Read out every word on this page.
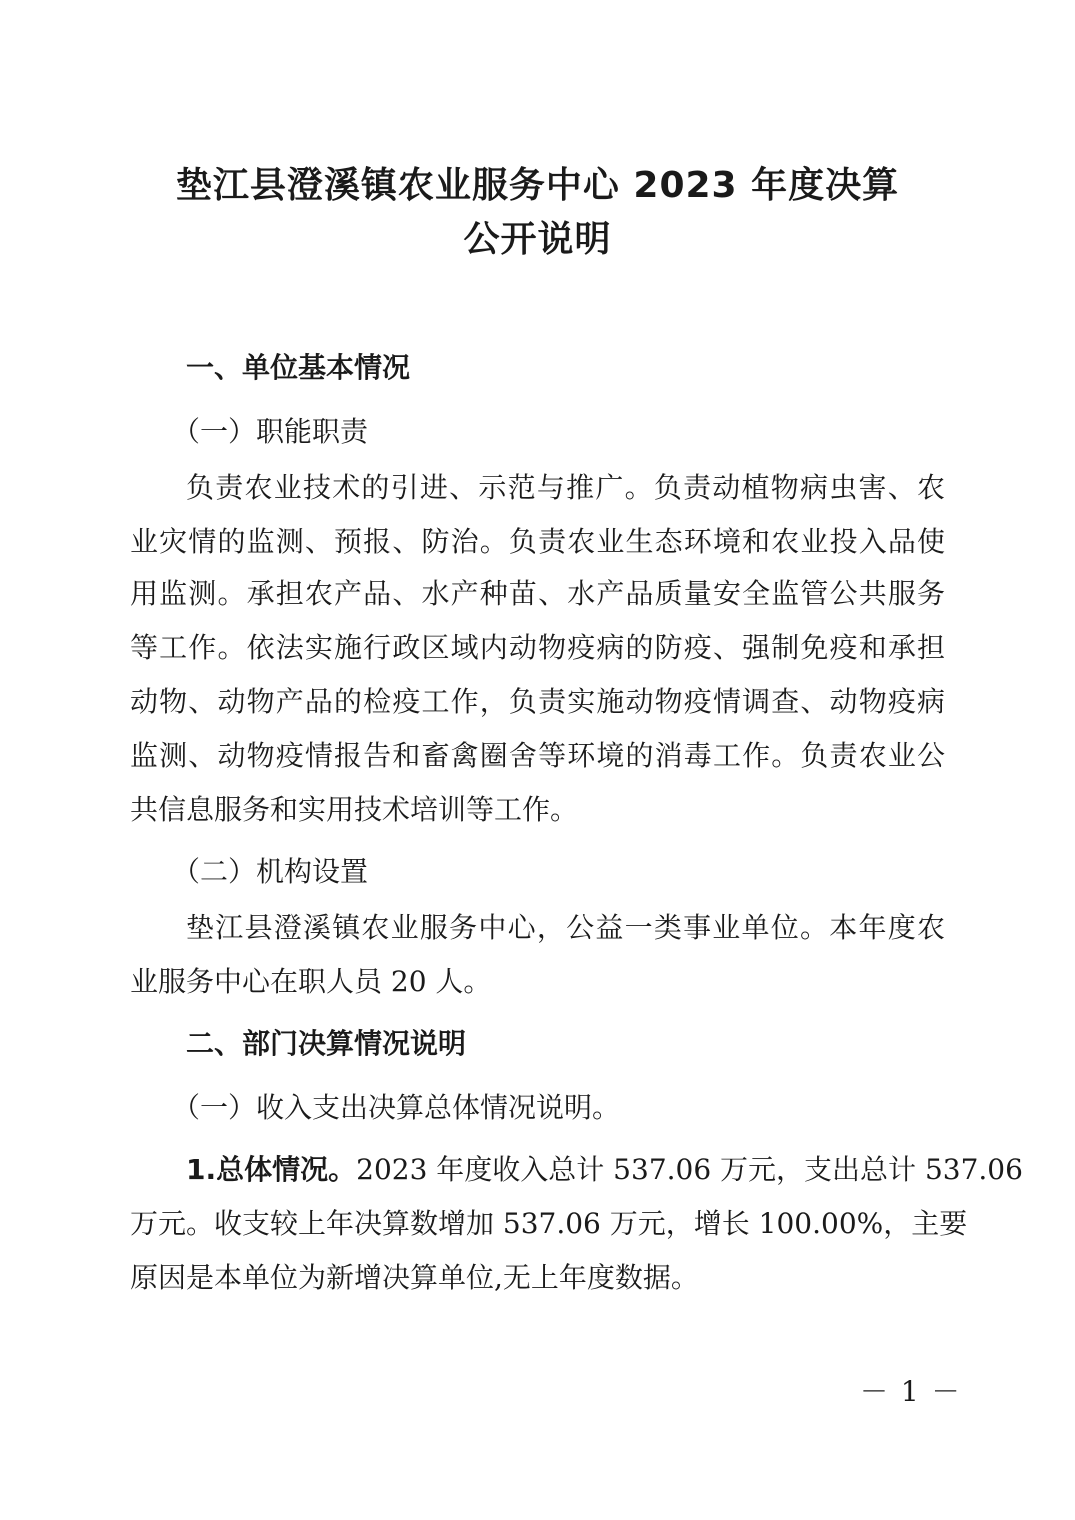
垫江县澄溪镇农业服务中心 2023 年度决算
公开说明
一、单位基本情况
（一）职能职责
负责农业技术的引进、示范与推广。负责动植物病虫害、农
业灾情的监测、预报、防治。负责农业生态环境和农业投入品使
用监测。承担农产品、水产种苗、水产品质量安全监管公共服务
等工作。依法实施行政区域内动物疫病的防疫、强制免疫和承担
动物、动物产品的检疫工作，负责实施动物疫情调查、动物疫病
监测、动物疫情报告和畜禽圈舍等环境的消毒工作。负责农业公
共信息服务和实用技术培训等工作。
（二）机构设置
垫江县澄溪镇农业服务中心，公益一类事业单位。本年度农
业服务中心在职人员 20 人。
二、部门决算情况说明
（一）收入支出决算总体情况说明。
1.总体情况。2023 年度收入总计 537.06 万元，支出总计 537.06
万元。收支较上年决算数增加 537.06 万元，增长 100.00%，主要
原因是本单位为新增决算单位,无上年度数据。
－ 1 －
